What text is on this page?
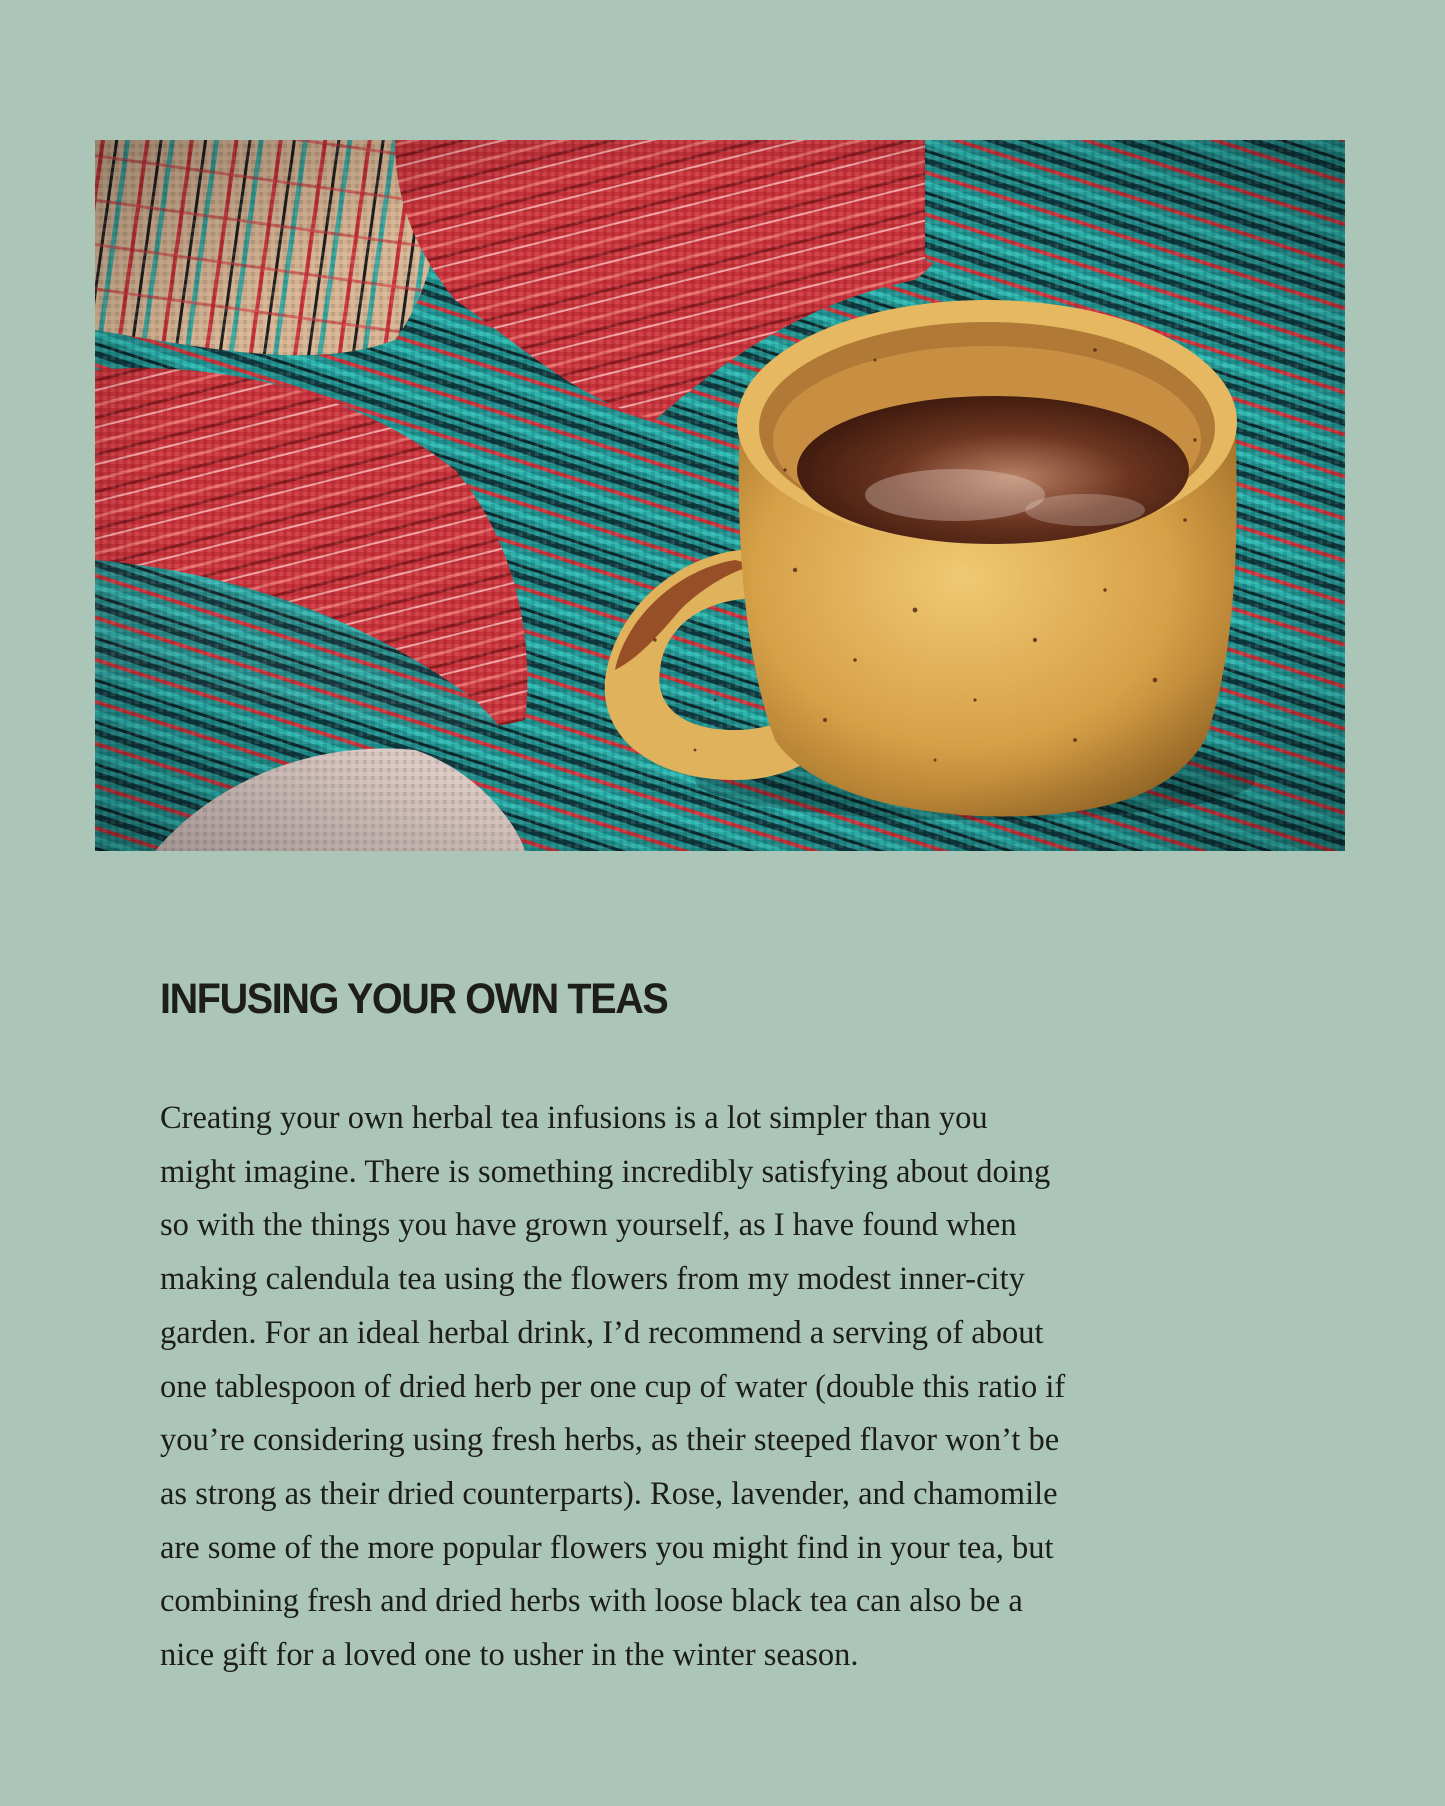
INFUSING YOUR OWN TEAS

Creating your own herbal tea infusions is a lot simpler than you
might imagine. There is something incredibly satisfying about doing
so with the things you have grown yourself, as I have found when
making calendula tea using the flowers from my modest inner-city
garden. For an ideal herbal drink, I’d recommend a serving of about
one tablespoon of dried herb per one cup of water (double this ratio if
you’re considering using fresh herbs, as their steeped flavor won’t be
as strong as their dried counterparts). Rose, lavender, and chamomile
are some of the more popular flowers you might find in your tea, but
combining fresh and dried herbs with loose black tea can also be a
nice gift for a loved one to usher in the winter season.
